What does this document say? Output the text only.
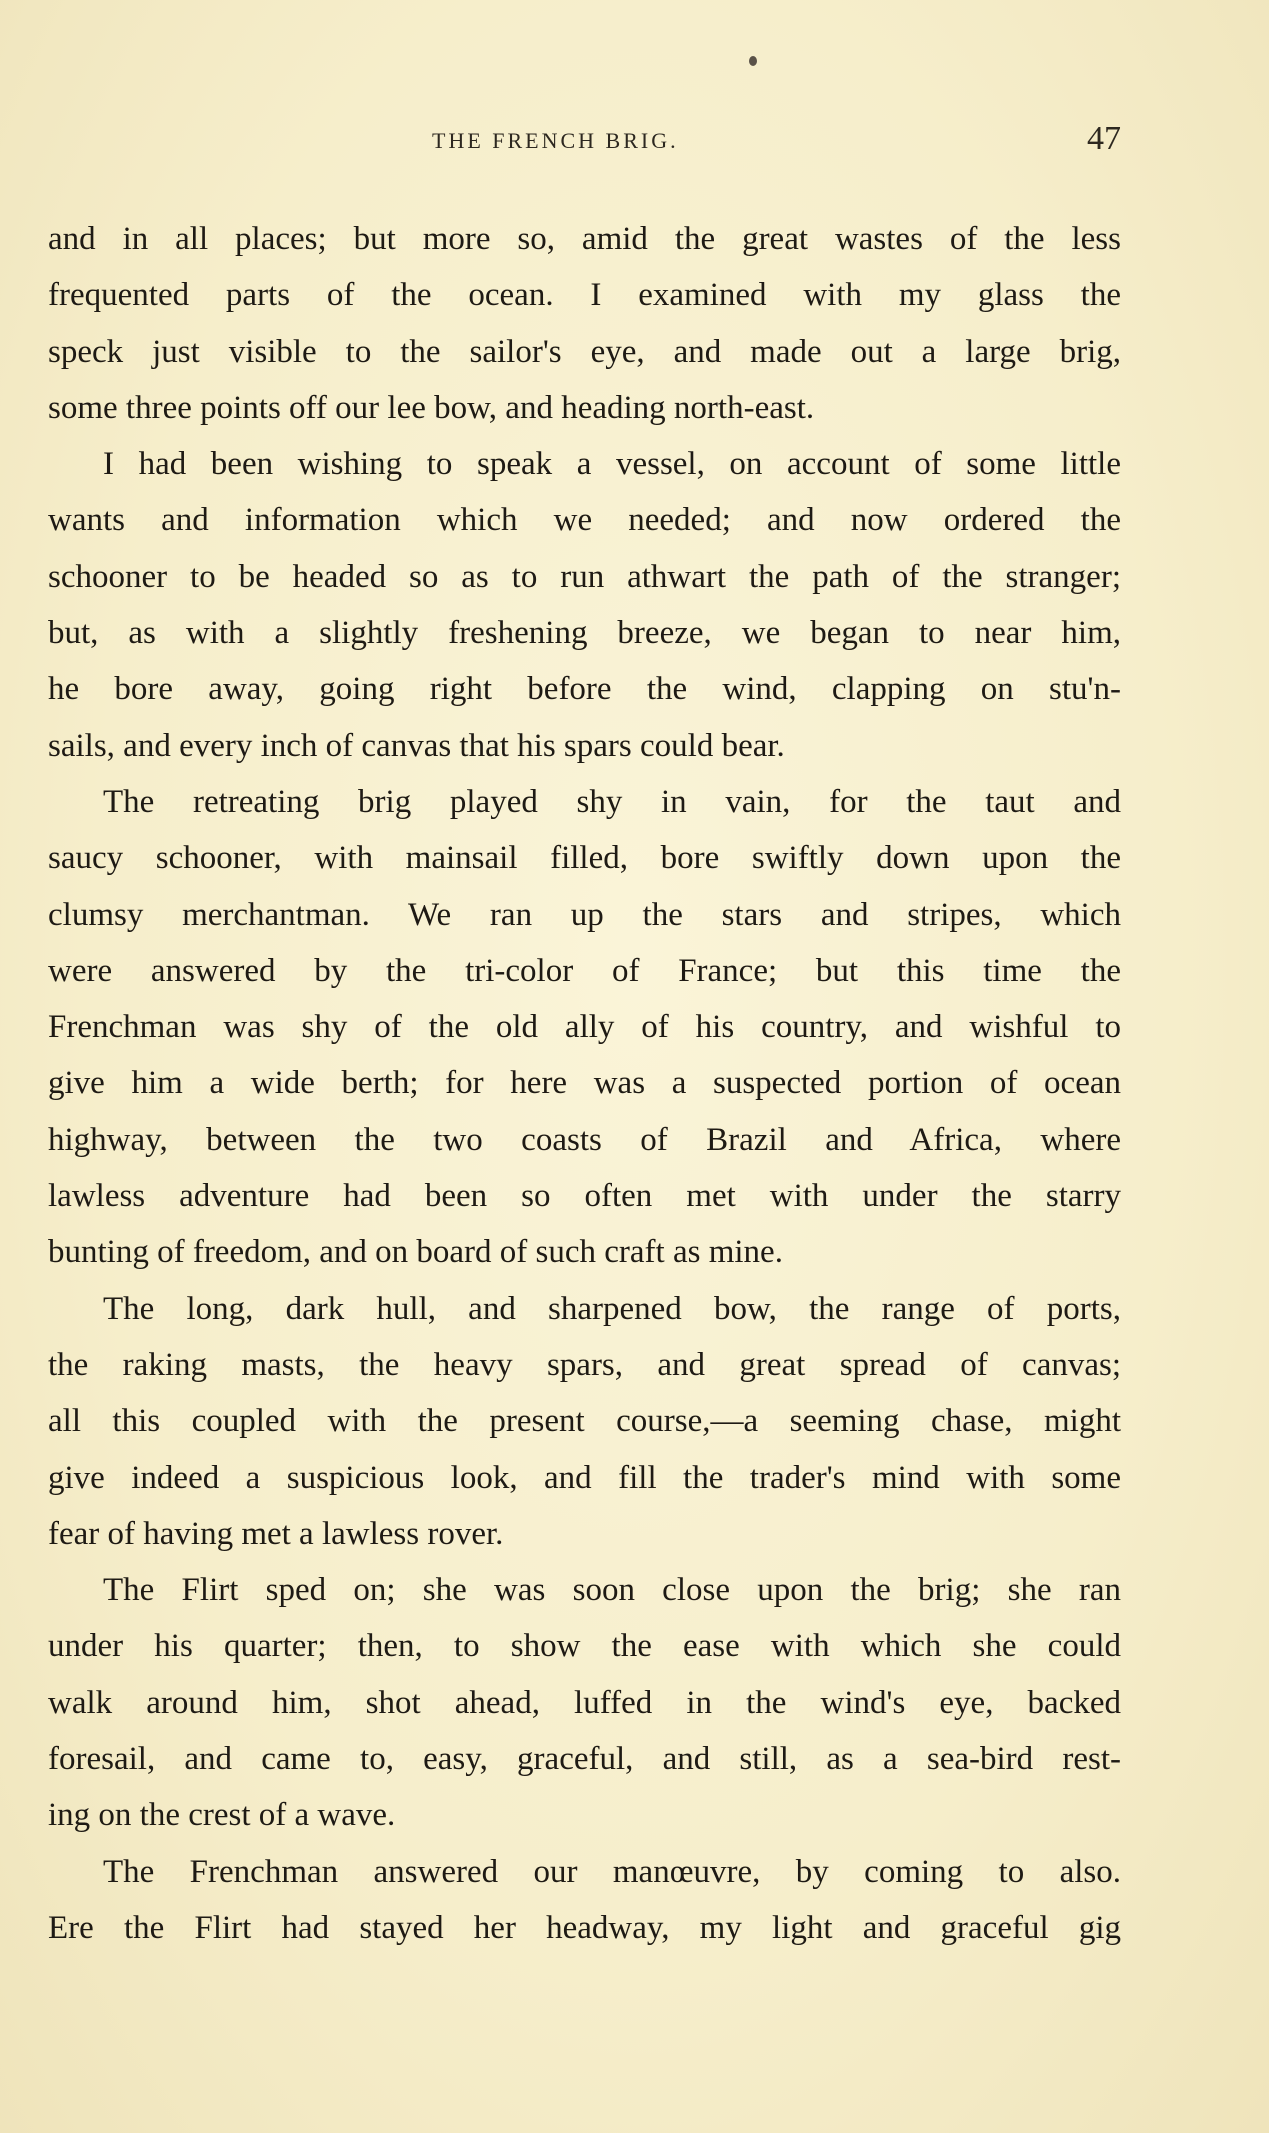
THE FRENCH BRIG.	47
and in all places; but more so, amid the great wastes of the less
frequented parts of the ocean. I examined with my glass the
speck just visible to the sailor's eye, and made out a large brig,
some three points off our lee bow, and heading north-east.
I had been wishing to speak a vessel, on account of some little
wants and information which we needed; and now ordered the
schooner to be headed so as to run athwart the path of the stranger;
but, as with a slightly freshening breeze, we began to near him,
he bore away, going right before the wind, clapping on stu'n-
sails, and every inch of canvas that his spars could bear.
The retreating brig played shy in vain, for the taut and
saucy schooner, with mainsail filled, bore swiftly down upon the
clumsy merchantman. We ran up the stars and stripes, which
were answered by the tri-color of France; but this time the
Frenchman was shy of the old ally of his country, and wishful to
give him a wide berth; for here was a suspected portion of ocean
highway, between the two coasts of Brazil and Africa, where
lawless adventure had been so often met with under the starry
bunting of freedom, and on board of such craft as mine.
The long, dark hull, and sharpened bow, the range of ports,
the raking masts, the heavy spars, and great spread of canvas;
all this coupled with the present course,—a seeming chase, might
give indeed a suspicious look, and fill the trader's mind with some
fear of having met a lawless rover.
The Flirt sped on; she was soon close upon the brig; she ran
under his quarter; then, to show the ease with which she could
walk around him, shot ahead, luffed in the wind's eye, backed
foresail, and came to, easy, graceful, and still, as a sea-bird rest-
ing on the crest of a wave.
The Frenchman answered our manœuvre, by coming to also.
Ere the Flirt had stayed her headway, my light and graceful gig
